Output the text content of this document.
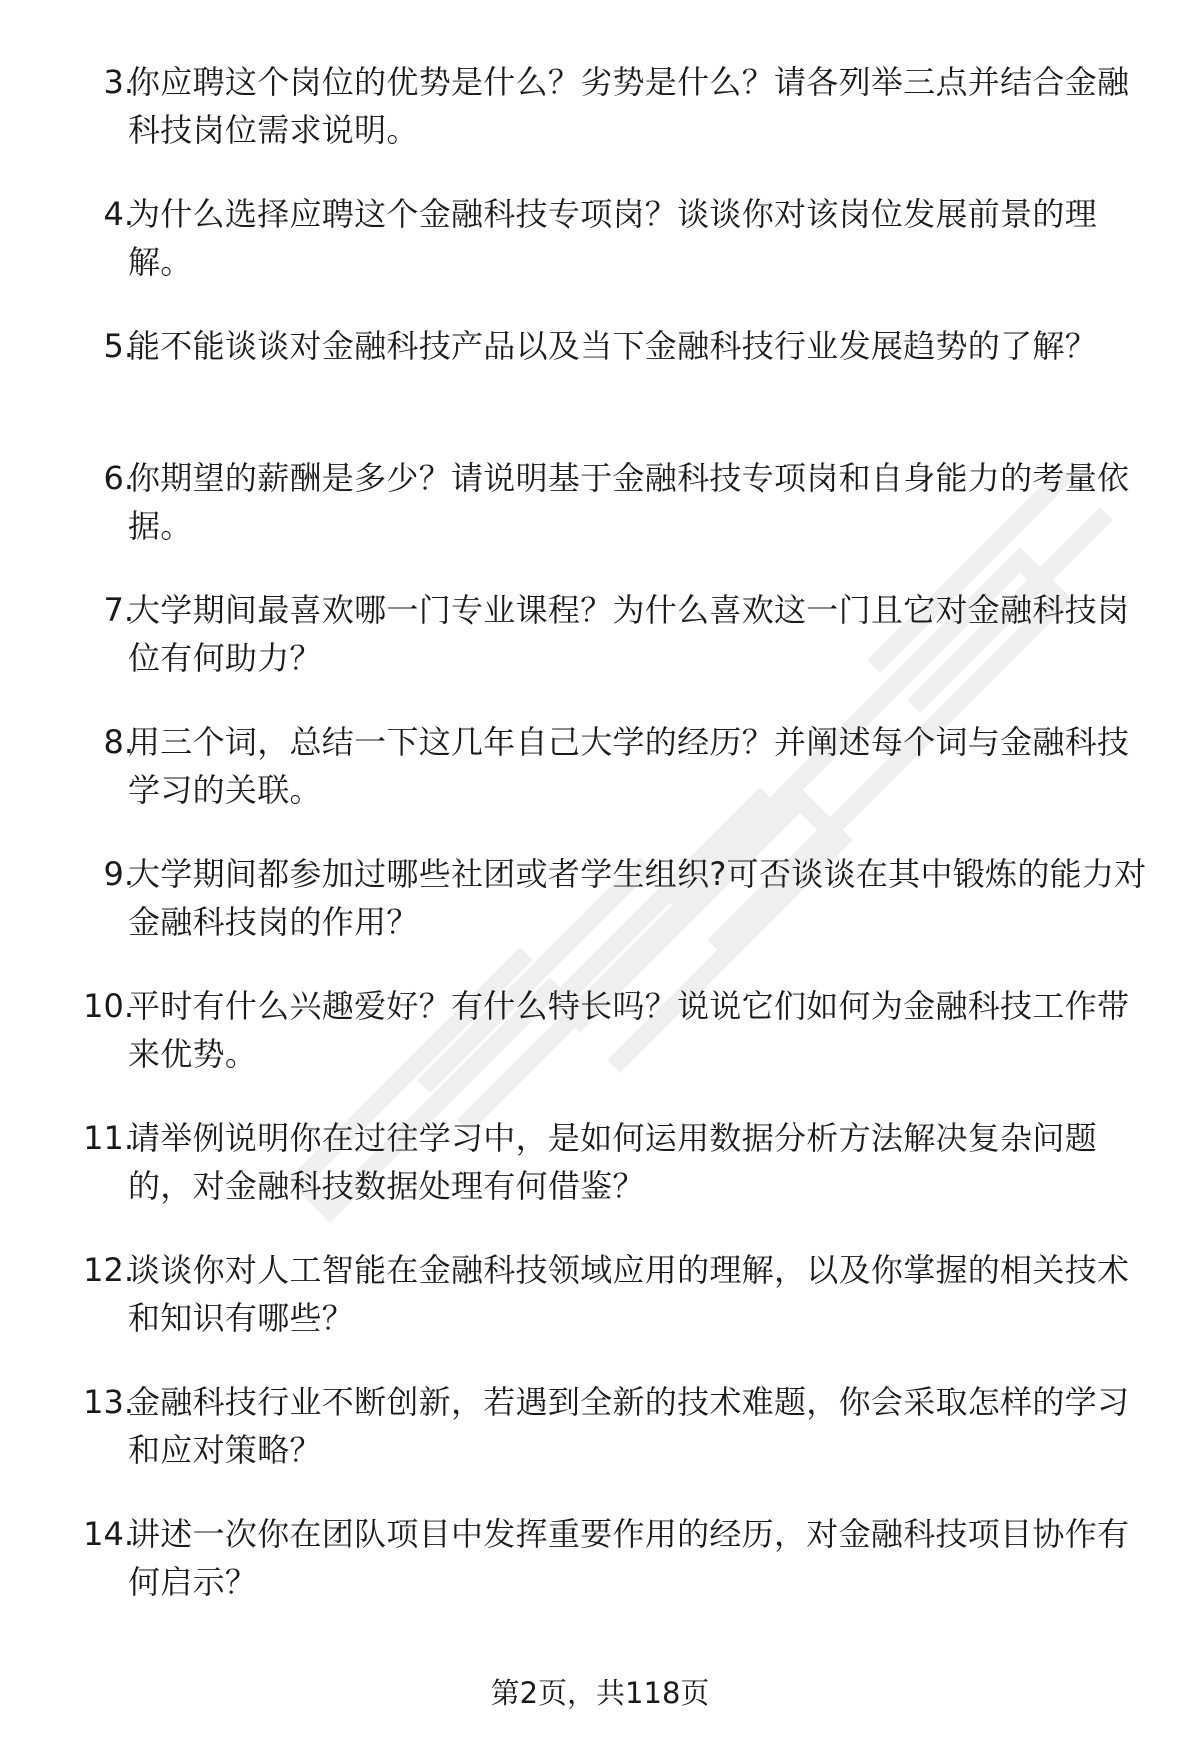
3.
你应聘这个岗位的优势是什么？劣势是什么？请各列举三点并结合金融科技岗位需求说明。
4.
为什么选择应聘这个金融科技专项岗？谈谈你对该岗位发展前景的理解。
5.
能不能谈谈对金融科技产品以及当下金融科技行业发展趋势的了解？
6.
你期望的薪酬是多少？请说明基于金融科技专项岗和自身能力的考量依据。
7.
大学期间最喜欢哪一门专业课程？为什么喜欢这一门且它对金融科技岗位有何助力？
8.
用三个词，总结一下这几年自己大学的经历？并阐述每个词与金融科技学习的关联。
9.
大学期间都参加过哪些社团或者学生组织?可否谈谈在其中锻炼的能力对金融科技岗的作用？
10.
平时有什么兴趣爱好？有什么特长吗？说说它们如何为金融科技工作带来优势。
11.
请举例说明你在过往学习中，是如何运用数据分析方法解决复杂问题的，对金融科技数据处理有何借鉴？
12.
谈谈你对人工智能在金融科技领域应用的理解，以及你掌握的相关技术和知识有哪些？
13.
金融科技行业不断创新，若遇到全新的技术难题，你会采取怎样的学习和应对策略？
14.
讲述一次你在团队项目中发挥重要作用的经历，对金融科技项目协作有何启示？
第2页，共118页
